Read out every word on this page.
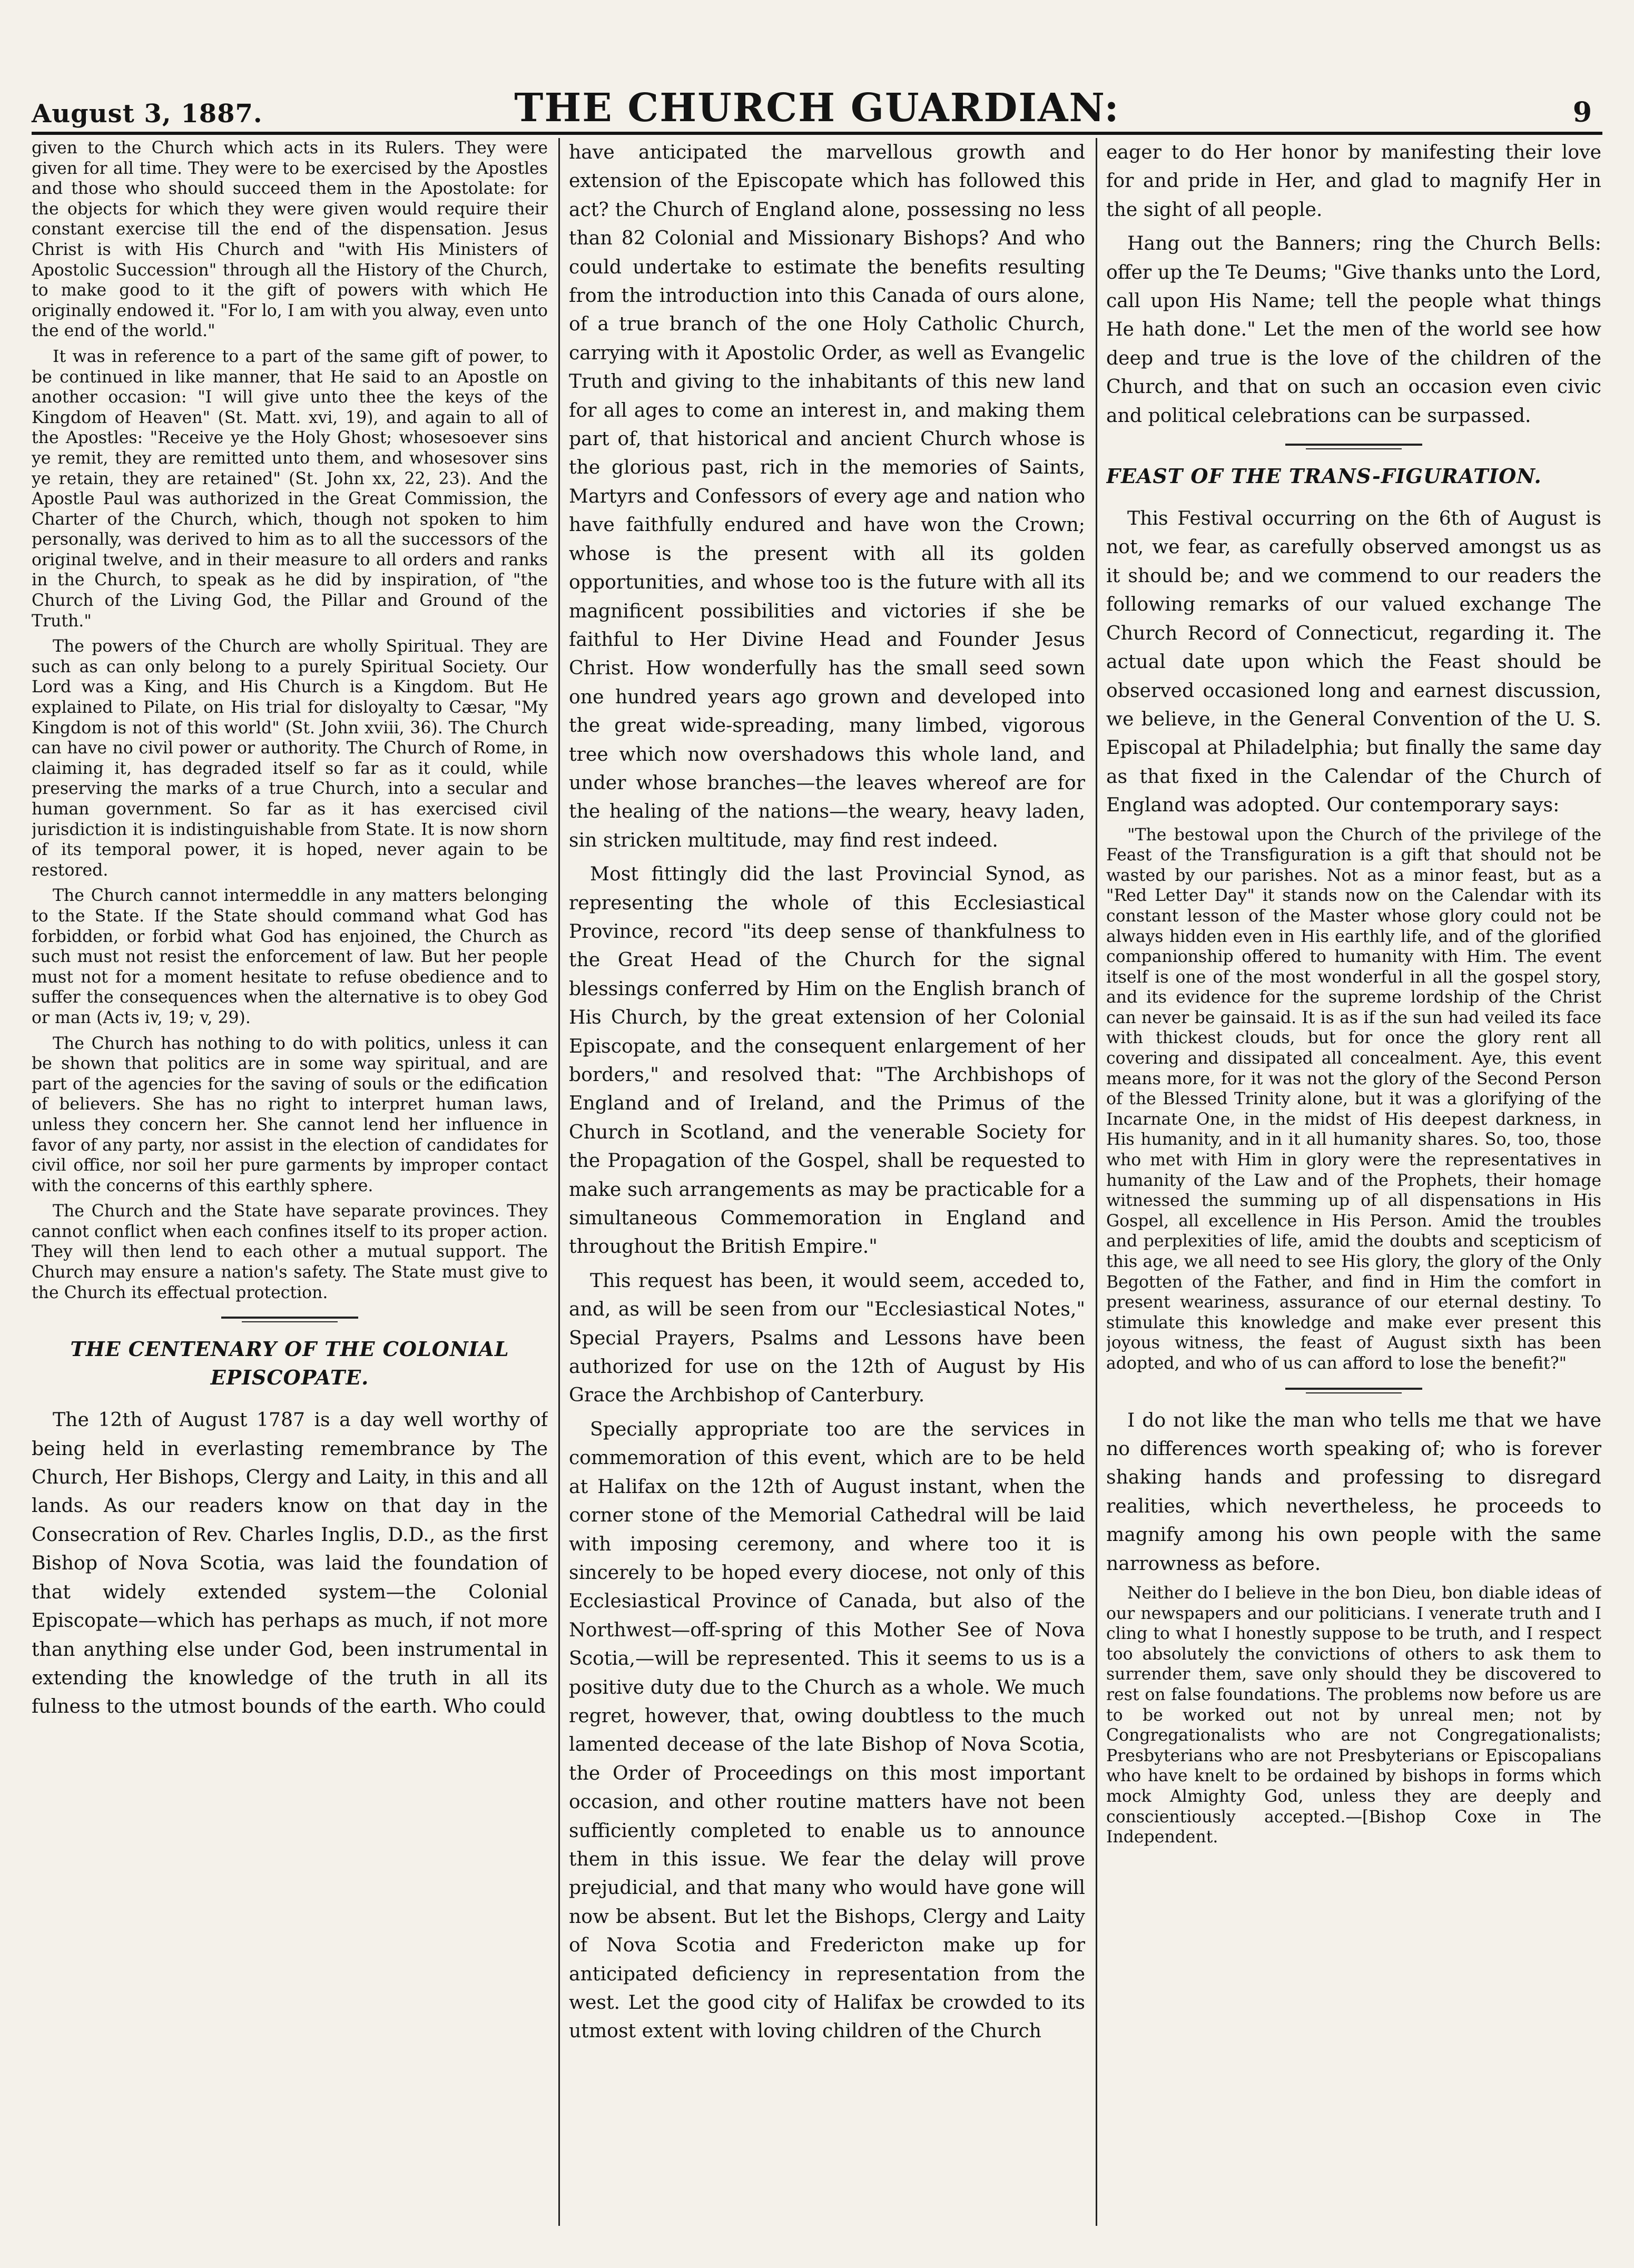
August 3, 1887.	THE CHURCH GUARDIAN:	9

given to the Church which acts in its Rulers. They were given for all time. They were to be exercised by the Apostles and those who should succeed them in the Apostolate: for the objects for which they were given would require their constant exercise till the end of the dispensation. Jesus Christ is with His Church and "with His Ministers of Apostolic Succession" through all the History of the Church, to make good to it the gift of powers with which He originally endowed it. "For lo, I am with you alway, even unto the end of the world."

It was in reference to a part of the same gift of power, to be continued in like manner, that He said to an Apostle on another occasion: "I will give unto thee the keys of the Kingdom of Heaven" (St. Matt. xvi, 19), and again to all of the Apostles: "Receive ye the Holy Ghost; whosesoever sins ye remit, they are remitted unto them, and whosesover sins ye retain, they are retained" (St. John xx, 22, 23). And the Apostle Paul was authorized in the Great Commission, the Charter of the Church, which, though not spoken to him personally, was derived to him as to all the successors of the original twelve, and in their measure to all orders and ranks in the Church, to speak as he did by inspiration, of "the Church of the Living God, the Pillar and Ground of the Truth."

The powers of the Church are wholly Spiritual. They are such as can only belong to a purely Spiritual Society. Our Lord was a King, and His Church is a Kingdom. But He explained to Pilate, on His trial for disloyalty to Cæsar, "My Kingdom is not of this world" (St. John xviii, 36). The Church can have no civil power or authority. The Church of Rome, in claiming it, has degraded itself so far as it could, while preserving the marks of a true Church, into a secular and human government. So far as it has exercised civil jurisdiction it is indistinguishable from State. It is now shorn of its temporal power, it is hoped, never again to be restored.

The Church cannot intermeddle in any matters belonging to the State. If the State should command what God has forbidden, or forbid what God has enjoined, the Church as such must not resist the enforcement of law. But her people must not for a moment hesitate to refuse obedience and to suffer the consequences when the alternative is to obey God or man (Acts iv, 19; v, 29).

The Church has nothing to do with politics, unless it can be shown that politics are in some way spiritual, and are part of the agencies for the saving of souls or the edification of believers. She has no right to interpret human laws, unless they concern her. She cannot lend her influence in favor of any party, nor assist in the election of candidates for civil office, nor soil her pure garments by improper contact with the concerns of this earthly sphere.

The Church and the State have separate provinces. They cannot conflict when each confines itself to its proper action. They will then lend to each other a mutual support. The Church may ensure a nation's safety. The State must give to the Church its effectual protection.

THE CENTENARY OF THE COLONIAL EPISCOPATE.

The 12th of August 1787 is a day well worthy of being held in everlasting remembrance by The Church, Her Bishops, Clergy and Laity, in this and all lands. As our readers know on that day in the Consecration of Rev. Charles Inglis, D.D., as the first Bishop of Nova Scotia, was laid the foundation of that widely extended system—the Colonial Episcopate—which has perhaps as much, if not more than anything else under God, been instrumental in extending the knowledge of the truth in all its fulness to the utmost bounds of the earth. Who could

have anticipated the marvellous growth and extension of the Episcopate which has followed this act? the Church of England alone, possessing no less than 82 Colonial and Missionary Bishops? And who could undertake to estimate the benefits resulting from the introduction into this Canada of ours alone, of a true branch of the one Holy Catholic Church, carrying with it Apostolic Order, as well as Evangelic Truth and giving to the inhabitants of this new land for all ages to come an interest in, and making them part of, that historical and ancient Church whose is the glorious past, rich in the memories of Saints, Martyrs and Confessors of every age and nation who have faithfully endured and have won the Crown; whose is the present with all its golden opportunities, and whose too is the future with all its magnificent possibilities and victories if she be faithful to Her Divine Head and Founder Jesus Christ. How wonderfully has the small seed sown one hundred years ago grown and developed into the great wide-spreading, many limbed, vigorous tree which now overshadows this whole land, and under whose branches—the leaves whereof are for the healing of the nations—the weary, heavy laden, sin stricken multitude, may find rest indeed.

Most fittingly did the last Provincial Synod, as representing the whole of this Ecclesiastical Province, record "its deep sense of thankfulness to the Great Head of the Church for the signal blessings conferred by Him on the English branch of His Church, by the great extension of her Colonial Episcopate, and the consequent enlargement of her borders," and resolved that: "The Archbishops of England and of Ireland, and the Primus of the Church in Scotland, and the venerable Society for the Propagation of the Gospel, shall be requested to make such arrangements as may be practicable for a simultaneous Commemoration in England and throughout the British Empire."

This request has been, it would seem, acceded to, and, as will be seen from our "Ecclesiastical Notes," Special Prayers, Psalms and Lessons have been authorized for use on the 12th of August by His Grace the Archbishop of Canterbury.

Specially appropriate too are the services in commemoration of this event, which are to be held at Halifax on the 12th of August instant, when the corner stone of the Memorial Cathedral will be laid with imposing ceremony, and where too it is sincerely to be hoped every diocese, not only of this Ecclesiastical Province of Canada, but also of the Northwest—off-spring of this Mother See of Nova Scotia,—will be represented. This it seems to us is a positive duty due to the Church as a whole. We much regret, however, that, owing doubtless to the much lamented decease of the late Bishop of Nova Scotia, the Order of Proceedings on this most important occasion, and other routine matters have not been sufficiently completed to enable us to announce them in this issue. We fear the delay will prove prejudicial, and that many who would have gone will now be absent. But let the Bishops, Clergy and Laity of Nova Scotia and Fredericton make up for anticipated deficiency in representation from the west. Let the good city of Halifax be crowded to its utmost extent with loving children of the Church

eager to do Her honor by manifesting their love for and pride in Her, and glad to magnify Her in the sight of all people.

Hang out the Banners; ring the Church Bells: offer up the Te Deums; "Give thanks unto the Lord, call upon His Name; tell the people what things He hath done." Let the men of the world see how deep and true is the love of the children of the Church, and that on such an occasion even civic and political celebrations can be surpassed.

FEAST OF THE TRANS-FIGURATION.

This Festival occurring on the 6th of August is not, we fear, as carefully observed amongst us as it should be; and we commend to our readers the following remarks of our valued exchange The Church Record of Connecticut, regarding it. The actual date upon which the Feast should be observed occasioned long and earnest discussion, we believe, in the General Convention of the U. S. Episcopal at Philadelphia; but finally the same day as that fixed in the Calendar of the Church of England was adopted. Our contemporary says:

"The bestowal upon the Church of the privilege of the Feast of the Transfiguration is a gift that should not be wasted by our parishes. Not as a minor feast, but as a "Red Letter Day" it stands now on the Calendar with its constant lesson of the Master whose glory could not be always hidden even in His earthly life, and of the glorified companionship offered to humanity with Him. The event itself is one of the most wonderful in all the gospel story, and its evidence for the supreme lordship of the Christ can never be gainsaid. It is as if the sun had veiled its face with thickest clouds, but for once the glory rent all covering and dissipated all concealment. Aye, this event means more, for it was not the glory of the Second Person of the Blessed Trinity alone, but it was a glorifying of the Incarnate One, in the midst of His deepest darkness, in His humanity, and in it all humanity shares. So, too, those who met with Him in glory were the representatives in humanity of the Law and of the Prophets, their homage witnessed the summing up of all dispensations in His Gospel, all excellence in His Person. Amid the troubles and perplexities of life, amid the doubts and scepticism of this age, we all need to see His glory, the glory of the Only Begotten of the Father, and find in Him the comfort in present weariness, assurance of our eternal destiny. To stimulate this knowledge and make ever present this joyous witness, the feast of August sixth has been adopted, and who of us can afford to lose the benefit?"

I do not like the man who tells me that we have no differences worth speaking of; who is forever shaking hands and professing to disregard realities, which nevertheless, he proceeds to magnify among his own people with the same narrowness as before.

Neither do I believe in the bon Dieu, bon diable ideas of our newspapers and our politicians. I venerate truth and I cling to what I honestly suppose to be truth, and I respect too absolutely the convictions of others to ask them to surrender them, save only should they be discovered to rest on false foundations. The problems now before us are to be worked out not by unreal men; not by Congregationalists who are not Congregationalists; Presbyterians who are not Presbyterians or Episcopalians who have knelt to be ordained by bishops in forms which mock Almighty God, unless they are deeply and conscientiously accepted.—[Bishop Coxe in The Independent.
